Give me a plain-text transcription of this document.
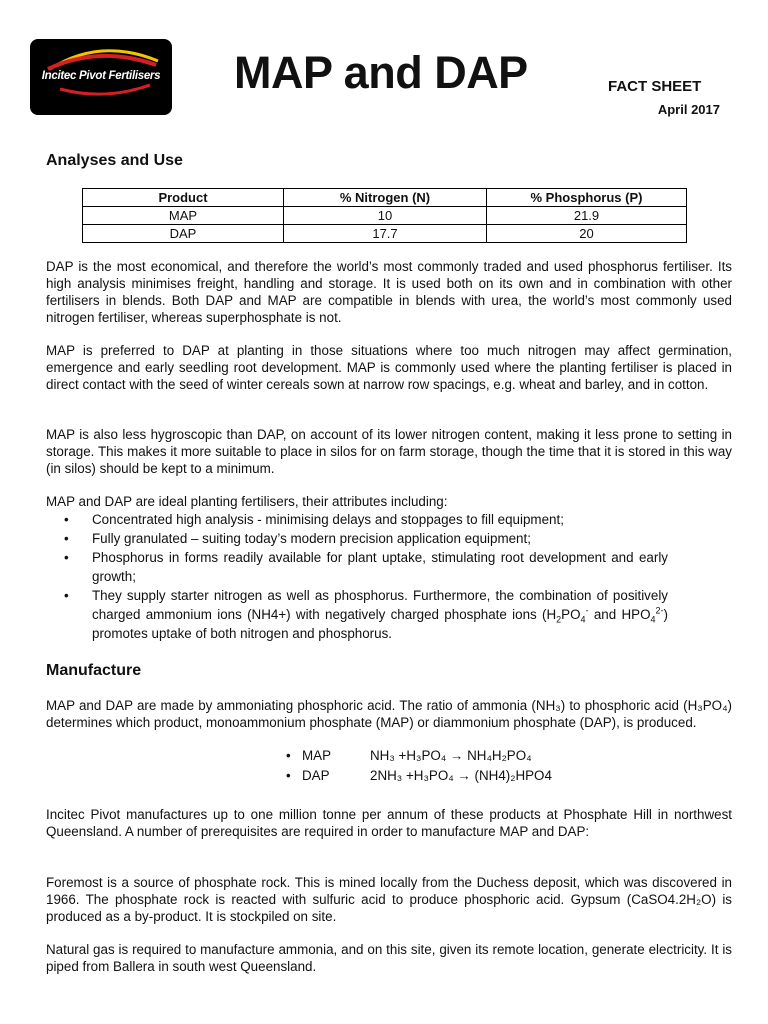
Incitec Pivot Fertilisers MAP and DAP	FACT SHEET
April 2017
Analyses and Use
Product	% Nitrogen (N)	% Phosphorus (P)
MAP	10	21.9
DAP	17.7	20

DAP is the most economical, and therefore the world’s most commonly traded and used phosphorus fertiliser. Its high analysis minimises freight, handling and storage. It is used both on its own and in combination with other fertilisers in blends. Both DAP and MAP are compatible in blends with urea, the world’s most commonly used nitrogen fertiliser, whereas superphosphate is not.

MAP is preferred to DAP at planting in those situations where too much nitrogen may affect germination, emergence and early seedling root development. MAP is commonly used where the planting fertiliser is placed in direct contact with the seed of winter cereals sown at narrow row spacings, e.g. wheat and barley, and in cotton.

MAP is also less hygroscopic than DAP, on account of its lower nitrogen content, making it less prone to setting in storage. This makes it more suitable to place in silos for on farm storage, though the time that it is stored in this way (in silos) should be kept to a minimum.

MAP and DAP are ideal planting fertilisers, their attributes including:

• Concentrated high analysis - minimising delays and stoppages to fill equipment;
• Fully granulated – suiting today’s modern precision application equipment;
• Phosphorus in forms readily available for plant uptake, stimulating root development and early growth;
• They supply starter nitrogen as well as phosphorus. Furthermore, the combination of positively charged ammonium ions (NH4+) with negatively charged phosphate ions ($H_2PO_4^-$ and $HPO_4^{2-}$) promotes uptake of both nitrogen and phosphorus.
Manufacture

MAP and DAP are made by ammoniating phosphoric acid. The ratio of ammonia (NH₃) to phosphoric acid (H₃PO₄) determines which product, monoammonium phosphate (MAP) or diammonium phosphate (DAP), is produced.

• MAP	NH₃ +H₃PO₄ → NH₄H₂PO₄
• DAP	2NH₃ +H₃PO₄ → (NH4)₂HPO4

Incitec Pivot manufactures up to one million tonne per annum of these products at Phosphate Hill in northwest Queensland. A number of prerequisites are required in order to manufacture MAP and DAP:

Foremost is a source of phosphate rock. This is mined locally from the Duchess deposit, which was discovered in 1966. The phosphate rock is reacted with sulfuric acid to produce phosphoric acid. Gypsum (CaSO4.2H₂O) is produced as a by-product. It is stockpiled on site.

Natural gas is required to manufacture ammonia, and on this site, given its remote location, generate electricity. It is piped from Ballera in south west Queensland.
